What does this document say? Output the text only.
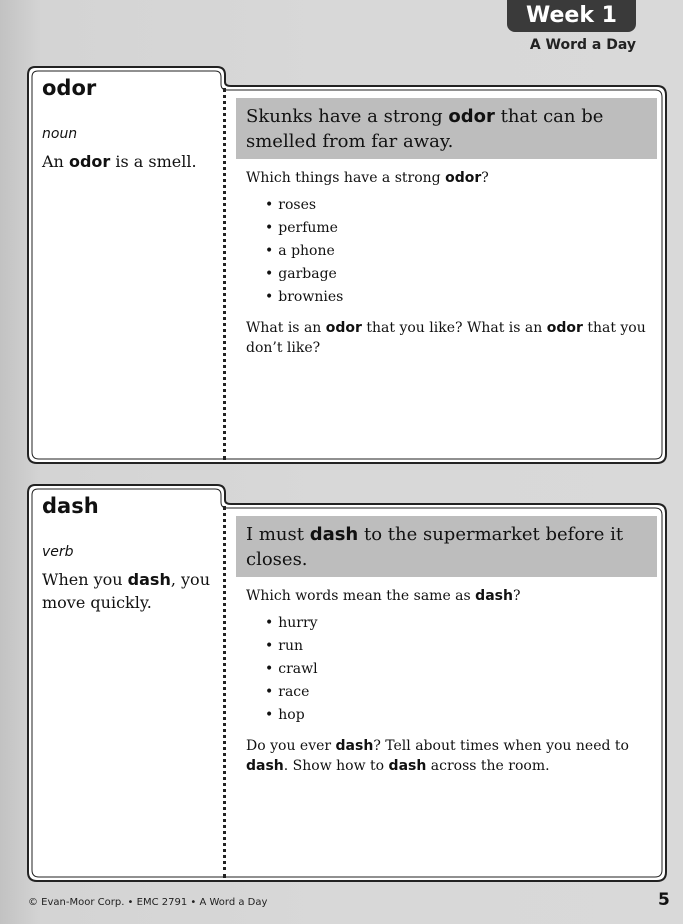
Week 1
A Word a Day
odor
noun
An odor is a smell.
Skunks have a strong odor that can be smelled from far away.
Which things have a strong odor?
• roses
• perfume
• a phone
• garbage
• brownies
What is an odor that you like? What is an odor that you don’t like?
dash
verb
When you dash, you move quickly.
I must dash to the supermarket before it closes.
Which words mean the same as dash?
• hurry
• run
• crawl
• race
• hop
Do you ever dash? Tell about times when you need to dash. Show how to dash across the room.
© Evan-Moor Corp. • EMC 2791 • A Word a Day	5
